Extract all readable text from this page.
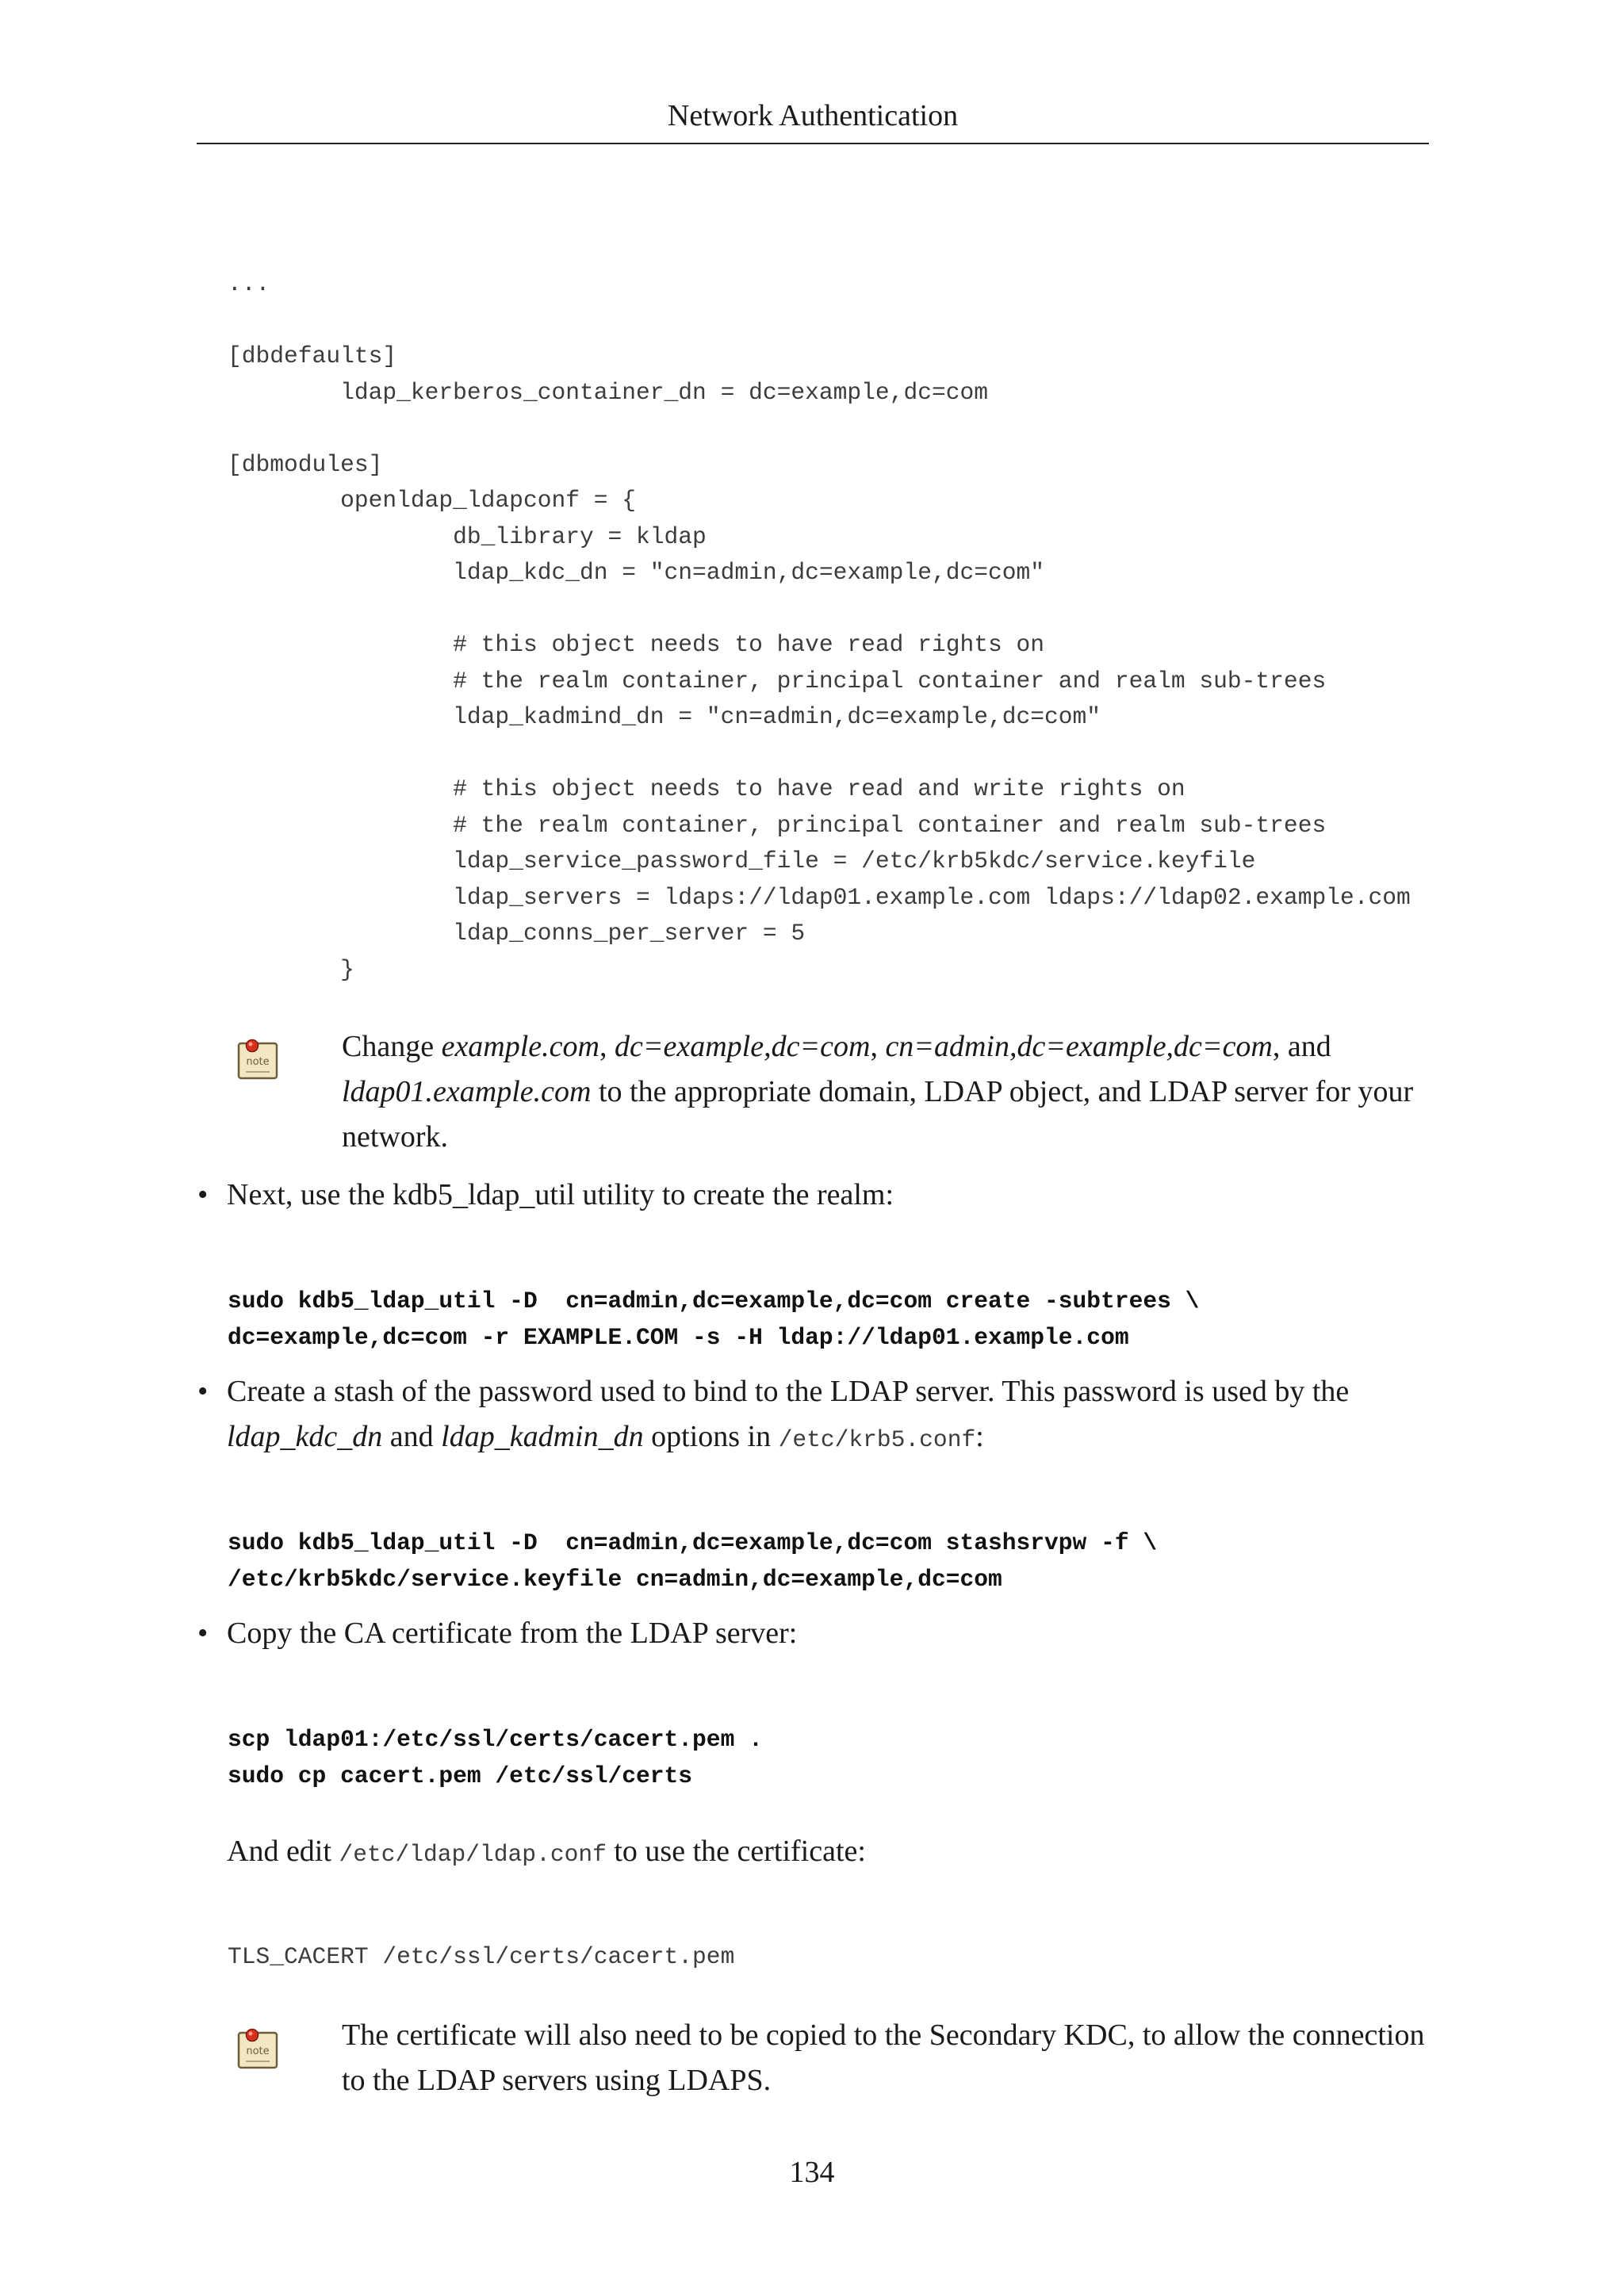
Network Authentication
...

[dbdefaults]
ldap_kerberos_container_dn = dc=example,dc=com

[dbmodules]
openldap_ldapconf = {
db_library = kldap
ldap_kdc_dn = "cn=admin,dc=example,dc=com"

# this object needs to have read rights on
# the realm container, principal container and realm sub-trees
ldap_kadmind_dn = "cn=admin,dc=example,dc=com"

# this object needs to have read and write rights on
# the realm container, principal container and realm sub-trees
ldap_service_password_file = /etc/krb5kdc/service.keyfile
ldap_servers = ldaps://ldap01.example.com ldaps://ldap02.example.com
ldap_conns_per_server = 5
}
note Change example.com, dc=example,dc=com, cn=admin,dc=example,dc=com, and ldap01.example.com to the appropriate domain, LDAP object, and LDAP server for your network.
• Next, use the kdb5_ldap_util utility to create the realm:
sudo kdb5_ldap_util -D  cn=admin,dc=example,dc=com create -subtrees \
dc=example,dc=com -r EXAMPLE.COM -s -H ldap://ldap01.example.com
• Create a stash of the password used to bind to the LDAP server. This password is used by the ldap_kdc_dn and ldap_kadmin_dn options in /etc/krb5.conf:
sudo kdb5_ldap_util -D  cn=admin,dc=example,dc=com stashsrvpw -f \
/etc/krb5kdc/service.keyfile cn=admin,dc=example,dc=com
• Copy the CA certificate from the LDAP server:
scp ldap01:/etc/ssl/certs/cacert.pem .
sudo cp cacert.pem /etc/ssl/certs
And edit /etc/ldap/ldap.conf to use the certificate:
TLS_CACERT /etc/ssl/certs/cacert.pem
note The certificate will also need to be copied to the Secondary KDC, to allow the connection to the LDAP servers using LDAPS.
134
